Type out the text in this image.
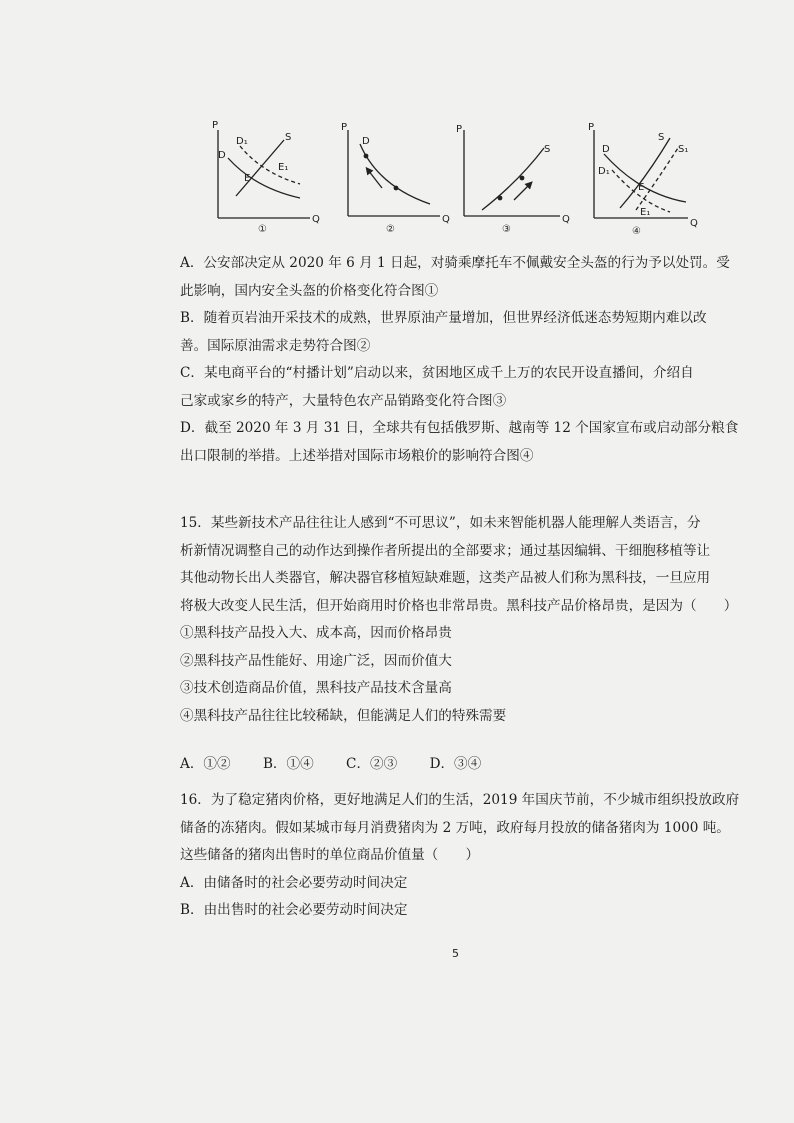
P
Q
D
D₁	S
E
E₁
①
P
Q
D
②
P
Q
S
③
P
Q
D
D₁
S
S₁
E
E₁
④
A．公安部决定从 2020 年 6 月 1 日起，对骑乘摩托车不佩戴安全头盔的行为予以处罚。受
此影响，国内安全头盔的价格变化符合图①
B．随着页岩油开采技术的成熟，世界原油产量增加，但世界经济低迷态势短期内难以改
善。国际原油需求走势符合图②
C．某电商平台的“村播计划”启动以来，贫困地区成千上万的农民开设直播间，介绍自
己家或家乡的特产，大量特色农产品销路变化符合图③
D．截至 2020 年 3 月 31 日，全球共有包括俄罗斯、越南等 12 个国家宣布或启动部分粮食
出口限制的举措。上述举措对国际市场粮价的影响符合图④
15．某些新技术产品往往让人感到“不可思议”，如未来智能机器人能理解人类语言，分
析新情况调整自己的动作达到操作者所提出的全部要求；通过基因编辑、干细胞移植等让
其他动物长出人类器官，解决器官移植短缺难题，这类产品被人们称为黑科技，一旦应用
将极大改变人民生活，但开始商用时价格也非常昂贵。黑科技产品价格昂贵，是因为（　　）
①黑科技产品投入大、成本高，因而价格昂贵
②黑科技产品性能好、用途广泛，因而价值大
③技术创造商品价值，黑科技产品技术含量高
④黑科技产品往往比较稀缺，但能满足人们的特殊需要
A．①② B．①④ C．②③ D．③④
16．为了稳定猪肉价格，更好地满足人们的生活，2019 年国庆节前，不少城市组织投放政府
储备的冻猪肉。假如某城市每月消费猪肉为 2 万吨，政府每月投放的储备猪肉为 1000 吨。
这些储备的猪肉出售时的单位商品价值量（　　）
A．由储备时的社会必要劳动时间决定
B．由出售时的社会必要劳动时间决定
5
